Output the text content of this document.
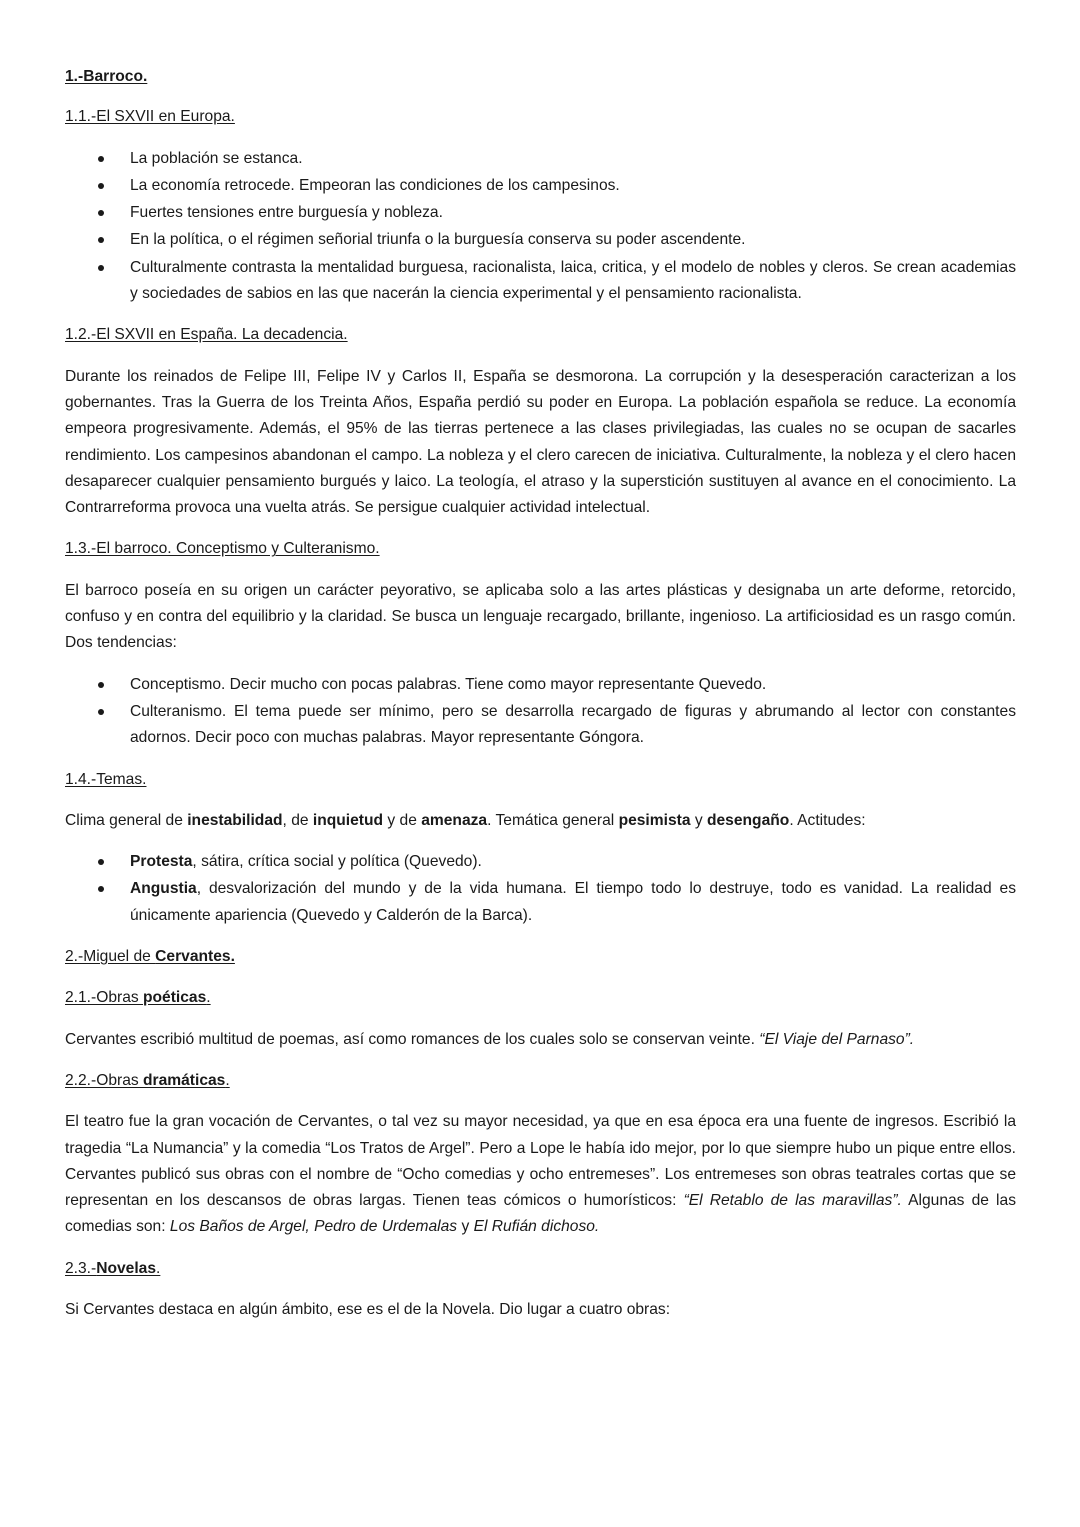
1.-Barroco.
1.1.-El SXVII en Europa.
La población se estanca.
La economía retrocede. Empeoran las condiciones de los campesinos.
Fuertes tensiones entre burguesía y nobleza.
En la política, o el régimen señorial triunfa o la burguesía conserva su poder ascendente.
Culturalmente contrasta la mentalidad burguesa, racionalista, laica, critica, y el modelo de nobles y cleros. Se crean academias y sociedades de sabios en las que nacerán la ciencia experimental y el pensamiento racionalista.
1.2.-El SXVII en España. La decadencia.

Durante los reinados de Felipe III, Felipe IV y Carlos II, España se desmorona. La corrupción y la desesperación caracterizan a los gobernantes. Tras la Guerra de los Treinta Años, España perdió su poder en Europa. La población española se reduce. La economía empeora progresivamente. Además, el 95% de las tierras pertenece a las clases privilegiadas, las cuales no se ocupan de sacarles rendimiento. Los campesinos abandonan el campo. La nobleza y el clero carecen de iniciativa. Culturalmente, la nobleza y el clero hacen desaparecer cualquier pensamiento burgués y laico. La teología, el atraso y la superstición sustituyen al avance en el conocimiento. La Contrarreforma provoca una vuelta atrás. Se persigue cualquier actividad intelectual.

1.3.-El barroco. Conceptismo y Culteranismo.

El barroco poseía en su origen un carácter peyorativo, se aplicaba solo a las artes plásticas y designaba un arte deforme, retorcido, confuso y en contra del equilibrio y la claridad. Se busca un lenguaje recargado, brillante, ingenioso. La artificiosidad es un rasgo común. Dos tendencias:

Conceptismo. Decir mucho con pocas palabras. Tiene como mayor representante Quevedo.
Culteranismo. El tema puede ser mínimo, pero se desarrolla recargado de figuras y abrumando al lector con constantes adornos. Decir poco con muchas palabras. Mayor representante Góngora.
1.4.-Temas.

Clima general de inestabilidad, de inquietud y de amenaza. Temática general pesimista y desengaño. Actitudes:

Protesta, sátira, crítica social y política (Quevedo).
Angustia, desvalorización del mundo y de la vida humana. El tiempo todo lo destruye, todo es vanidad. La realidad es únicamente apariencia (Quevedo y Calderón de la Barca).
2.-Miguel de Cervantes.
2.1.-Obras poéticas.

Cervantes escribió multitud de poemas, así como romances de los cuales solo se conservan veinte. “El Viaje del Parnaso”.

2.2.-Obras dramáticas.

El teatro fue la gran vocación de Cervantes, o tal vez su mayor necesidad, ya que en esa época era una fuente de ingresos. Escribió la tragedia “La Numancia” y la comedia “Los Tratos de Argel”. Pero a Lope le había ido mejor, por lo que siempre hubo un pique entre ellos. Cervantes publicó sus obras con el nombre de “Ocho comedias y ocho entremeses”. Los entremeses son obras teatrales cortas que se representan en los descansos de obras largas. Tienen teas cómicos o humorísticos: “El Retablo de las maravillas”. Algunas de las comedias son: Los Baños de Argel, Pedro de Urdemalas y El Rufián dichoso.

2.3.-Novelas.

Si Cervantes destaca en algún ámbito, ese es el de la Novela. Dio lugar a cuatro obras:
